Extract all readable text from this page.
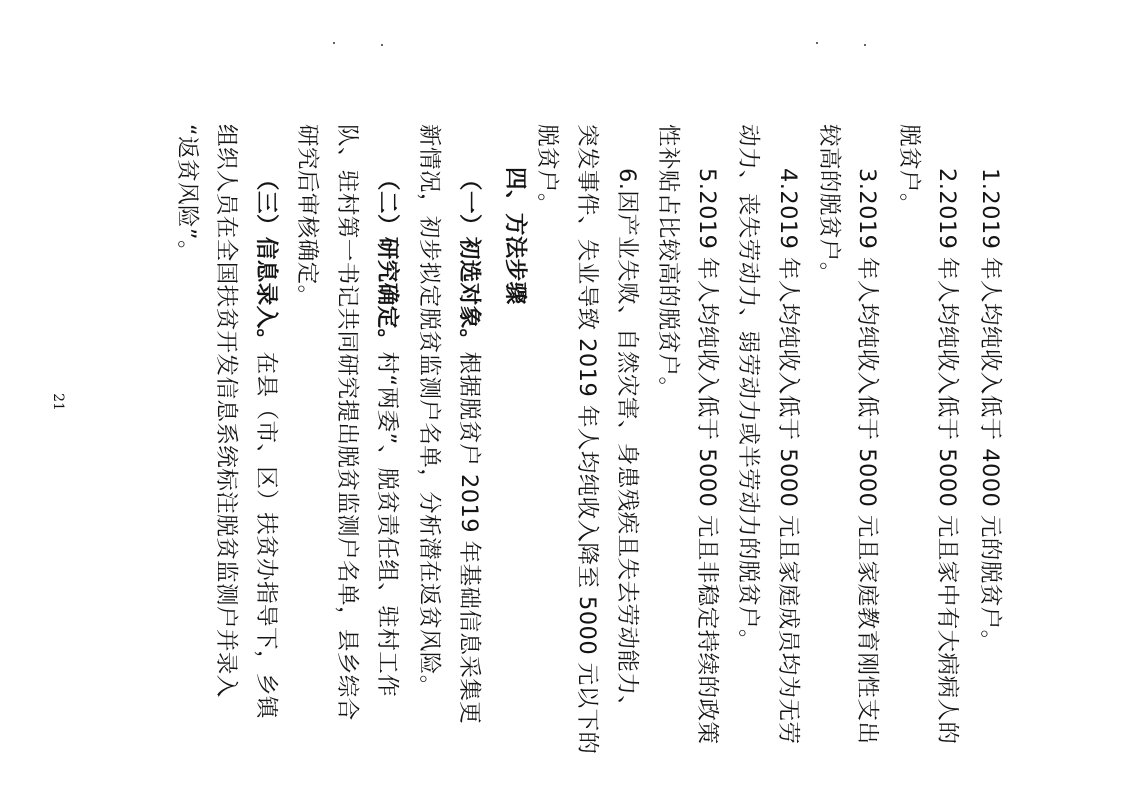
21	1.2019 年人均纯收入低于 4000 元的脱贫户。
2.2019 年人均纯收入低于 5000 元且家中有大病病人的
脱贫户。
3.2019 年人均纯收入低于 5000 元且家庭教育刚性支出
较高的脱贫户。
4.2019 年人均纯收入低于 5000 元且家庭成员均为无劳
动力、丧失劳动力、弱劳动力或半劳动力的脱贫户。
5.2019 年人均纯收入低于 5000 元且非稳定持续的政策
性补贴占比较高的脱贫户。
6.因产业失败、自然灾害、身患残疾且失去劳动能力、
突发事件、失业导致 2019 年人均纯收入降至 5000 元以下的
脱贫户。
四、方法步骤
（一）初选对象。根据脱贫户 2019 年基础信息采集更
新情况，初步拟定脱贫监测户名单，分析潜在返贫风险。
（二）研究确定。村“两委”、脱贫责任组、驻村工作
队、驻村第一书记共同研究提出脱贫监测户名单，县乡综合
研究后审核确定。
（三）信息录入。在县（市、区）扶贫办指导下，乡镇
组织人员在全国扶贫开发信息系统标注脱贫监测户并录入
“返贫风险”。
